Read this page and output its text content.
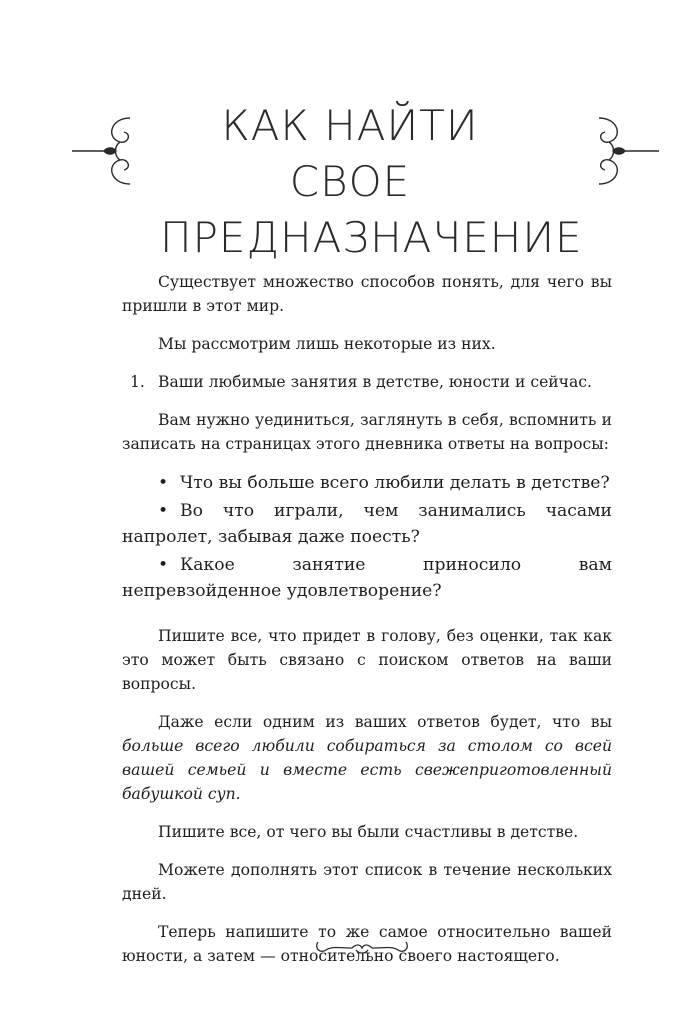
КАК НАЙТИ СВОЕ
ПРЕДНАЗНАЧЕНИЕ

Существует множество способов понять, для чего вы пришли в этот мир.

Мы рассмотрим лишь некоторые из них.

1. Ваши любимые занятия в детстве, юности и сейчас.

Вам нужно уединиться, заглянуть в себя, вспомнить и записать на страницах этого дневника ответы на вопросы:

• Что вы больше всего любили делать в детстве?
• Во что играли, чем занимались часами напролет, забывая даже поесть?
• Какое занятие приносило вам непревзойденное удовлетворение?

Пишите все, что придет в голову, без оценки, так как это может быть связано с поиском ответов на ваши вопросы.

Даже если одним из ваших ответов будет, что вы больше всего любили собираться за столом со всей вашей семьей и вместе есть свежеприготовленный бабушкой суп.

Пишите все, от чего вы были счастливы в детстве.

Можете дополнять этот список в течение нескольких дней.

Теперь напишите то же самое относительно вашей юности, а затем — относительно своего настоящего.
